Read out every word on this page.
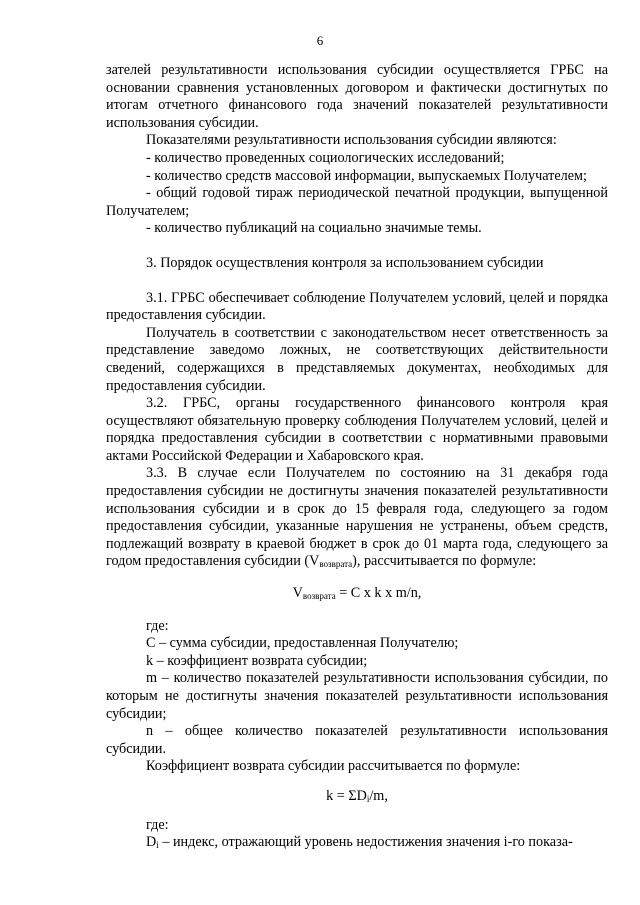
6

зателей результативности использования субсидии осуществляется ГРБС на основании сравнения установленных договором и фактически достигнутых по итогам отчетного финансового года значений показателей результативности использования субсидии.

Показателями результативности использования субсидии являются:

- количество проведенных социологических исследований;

- количество средств массовой информации, выпускаемых Получателем;

- общий годовой тираж периодической печатной продукции, выпущенной Получателем;

- количество публикаций на социально значимые темы.

3. Порядок осуществления контроля за использованием субсидии

3.1. ГРБС обеспечивает соблюдение Получателем условий, целей и порядка предоставления субсидии.

Получатель в соответствии с законодательством несет ответственность за представление заведомо ложных, не соответствующих действительности сведений, содержащихся в представляемых документах, необходимых для предоставления субсидии.

3.2. ГРБС, органы государственного финансового контроля края осуществляют обязательную проверку соблюдения Получателем условий, целей и порядка предоставления субсидии в соответствии с нормативными правовыми актами Российской Федерации и Хабаровского края.

3.3. В случае если Получателем по состоянию на 31 декабря года предоставления субсидии не достигнуты значения показателей результативности использования субсидии и в срок до 15 февраля года, следующего за годом предоставления субсидии, указанные нарушения не устранены, объем средств, подлежащий возврату в краевой бюджет в срок до 01 марта года, следующего за годом предоставления субсидии $(V_{возврата})$, рассчитывается по формуле:

$V_{возврата} = C$ x k x m/n,

где:

C – сумма субсидии, предоставленная Получателю;

k – коэффициент возврата субсидии;

m – количество показателей результативности использования субсидии, по которым не достигнуты значения показателей результативности использования субсидии;

n – общее количество показателей результативности использования субсидии.

Коэффициент возврата субсидии рассчитывается по формуле:

$k = \Sigma D_i/m$,

где:

$D_i$ – индекс, отражающий уровень недостижения значения i-го показа-
